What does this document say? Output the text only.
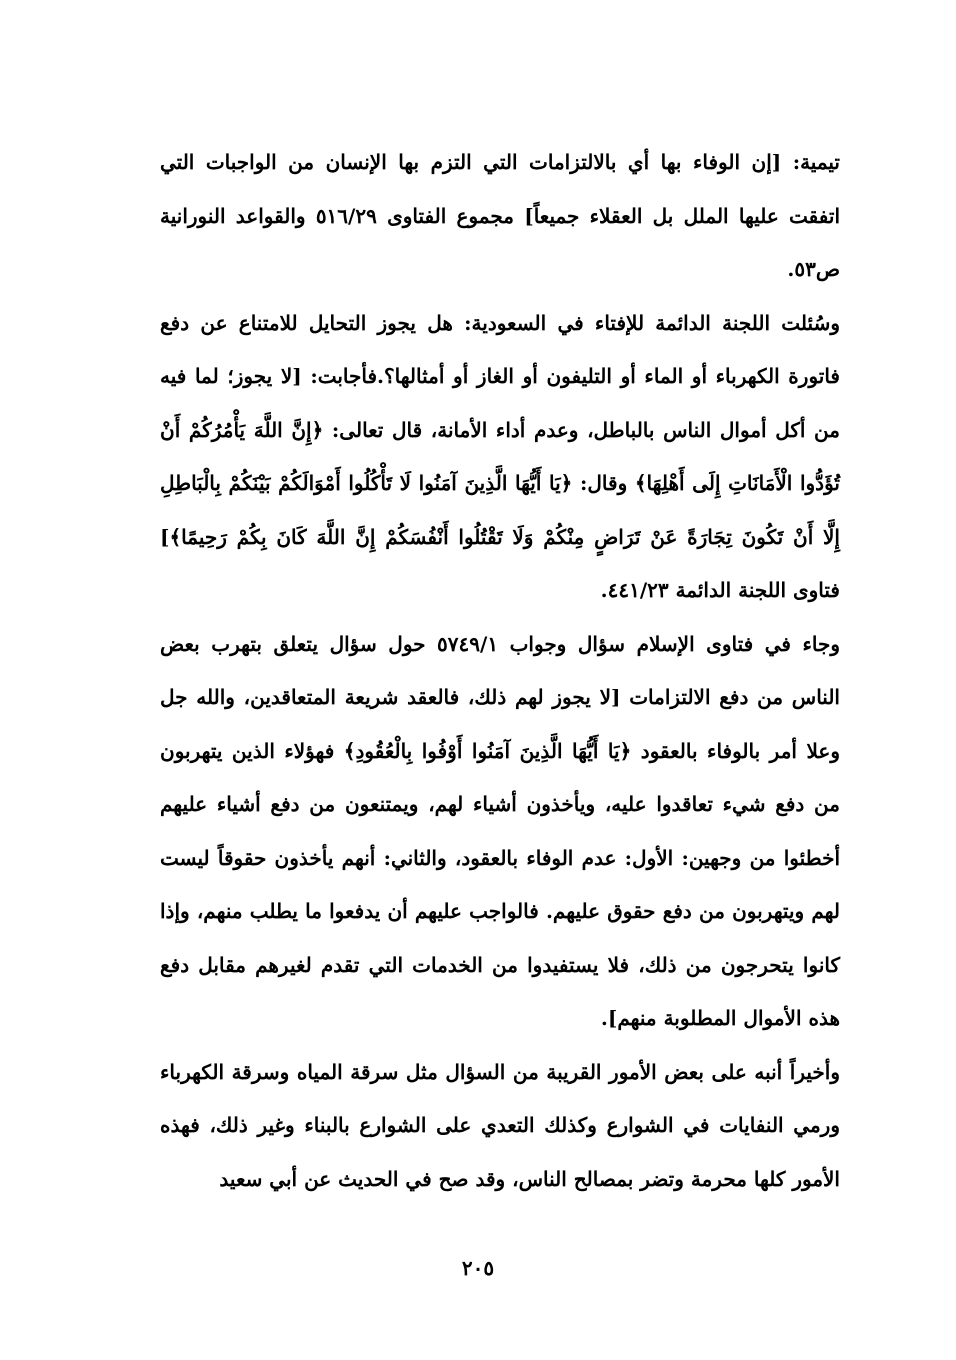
تيمية: [إن الوفاء بها أي بالالتزامات التي التزم بها الإنسان من الواجبات التي اتفقت عليها الملل بل العقلاء جميعاً] مجموع الفتاوى ٥١٦/٢٩ والقواعد النورانية ص٥٣.

وسُئلت اللجنة الدائمة للإفتاء في السعودية: هل يجوز التحايل للامتناع عن دفع فاتورة الكهرباء أو الماء أو التليفون أو الغاز أو أمثالها؟.فأجابت: [لا يجوز؛ لما فيه من أكل أموال الناس بالباطل، وعدم أداء الأمانة، قال تعالى: ﴿إِنَّ اللَّهَ يَأْمُرُكُمْ أَنْ تُؤَدُّوا الْأَمَانَاتِ إِلَى أَهْلِهَا﴾ وقال: ﴿يَا أَيُّهَا الَّذِينَ آمَنُوا لَا تَأْكُلُوا أَمْوَالَكُمْ بَيْنَكُمْ بِالْبَاطِلِ إِلَّا أَنْ تَكُونَ تِجَارَةً عَنْ تَرَاضٍ مِنْكُمْ وَلَا تَقْتُلُوا أَنْفُسَكُمْ إِنَّ اللَّهَ كَانَ بِكُمْ رَحِيمًا﴾] فتاوى اللجنة الدائمة ٤٤١/٢٣.

وجاء في فتاوى الإسلام سؤال وجواب ٥٧٤٩/١ حول سؤال يتعلق بتهرب بعض الناس من دفع الالتزامات [لا يجوز لهم ذلك، فالعقد شريعة المتعاقدين، والله جل وعلا أمر بالوفاء بالعقود ﴿يَا أَيُّهَا الَّذِينَ آمَنُوا أَوْفُوا بِالْعُقُودِ﴾ فهؤلاء الذين يتهربون من دفع شيء تعاقدوا عليه، ويأخذون أشياء لهم، ويمتنعون من دفع أشياء عليهم أخطئوا من وجهين: الأول: عدم الوفاء بالعقود، والثاني: أنهم يأخذون حقوقاً ليست لهم ويتهربون من دفع حقوق عليهم. فالواجب عليهم أن يدفعوا ما يطلب منهم، وإذا كانوا يتحرجون من ذلك، فلا يستفيدوا من الخدمات التي تقدم لغيرهم مقابل دفع هذه الأموال المطلوبة منهم].

وأخيراً أنبه على بعض الأمور القريبة من السؤال مثل سرقة المياه وسرقة الكهرباء ورمي النفايات في الشوارع وكذلك التعدي على الشوارع بالبناء وغير ذلك، فهذه الأمور كلها محرمة وتضر بمصالح الناس، وقد صح في الحديث عن أبي سعيد

٢٠٥
